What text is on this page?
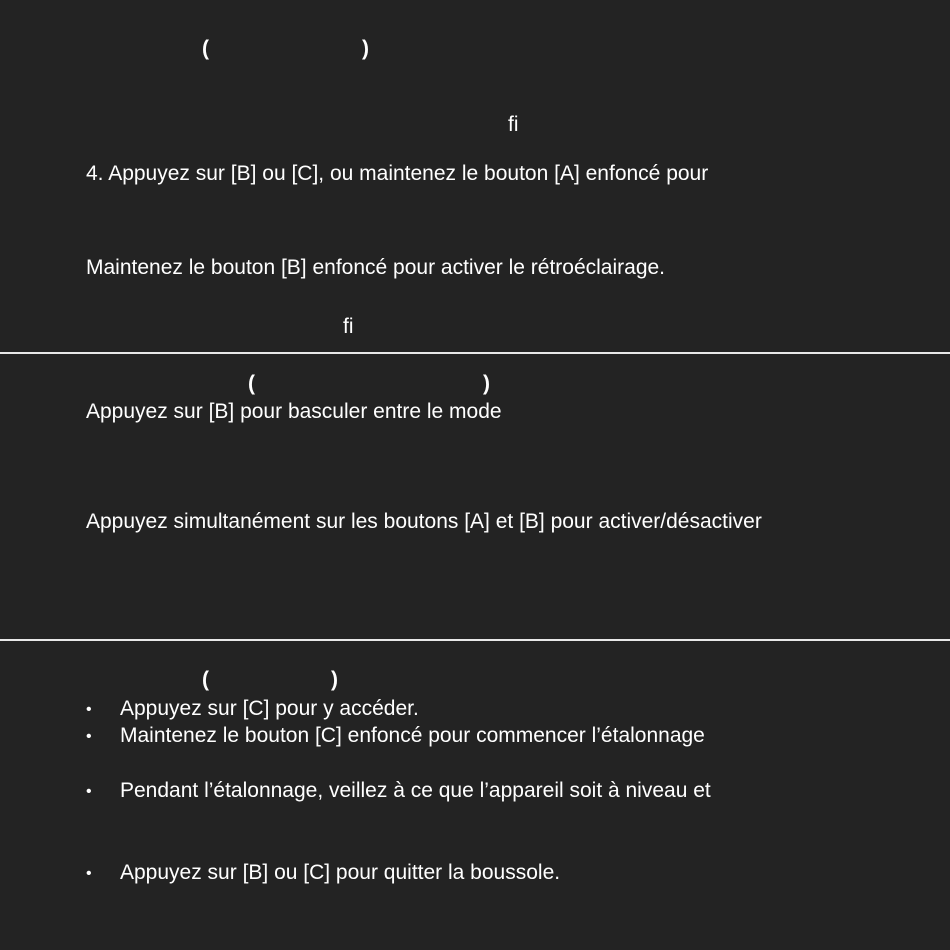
(	)
ﬁ
4. Appuyez sur [B] ou [C], ou maintenez le bouton [A] enfoncé pour
Maintenez le bouton [B] enfoncé pour activer le rétroéclairage.
ﬁ
(	)
Appuyez sur [B] pour basculer entre le mode
Appuyez simultanément sur les boutons [A] et [B] pour activer/désactiver
(	)
• Appuyez sur [C] pour y accéder.
• Maintenez le bouton [C] enfoncé pour commencer l’étalonnage
• Pendant l’étalonnage, veillez à ce que l’appareil soit à niveau et
• Appuyez sur [B] ou [C] pour quitter la boussole.
